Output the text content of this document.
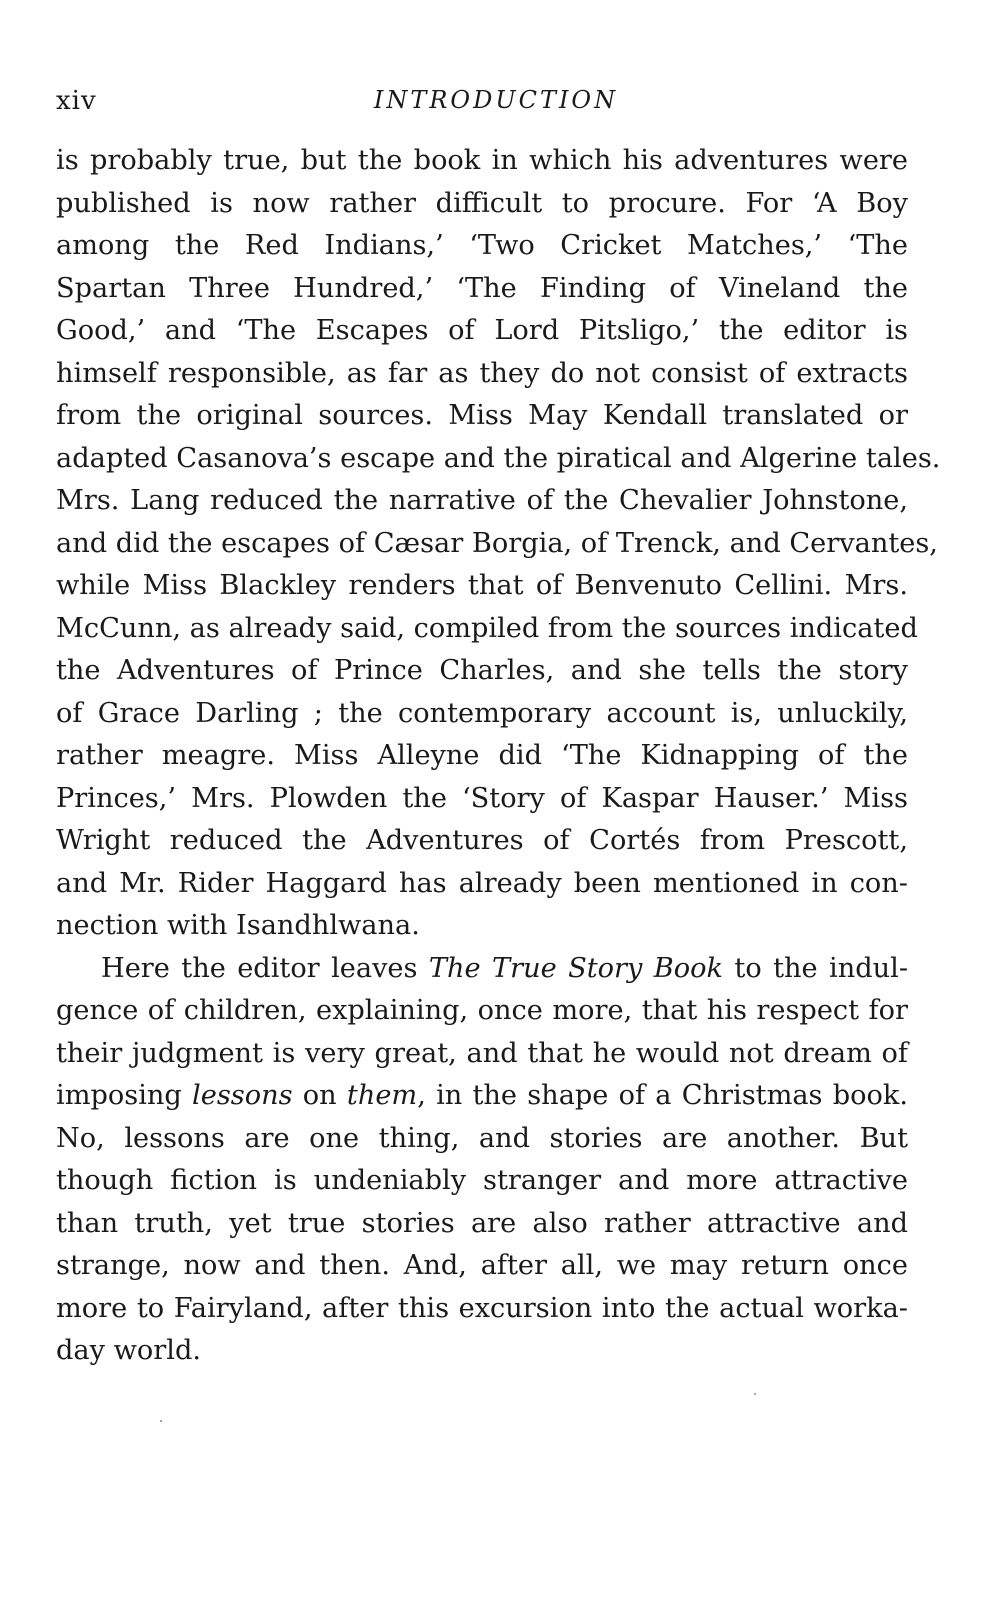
xiv	INTRODUCTION
is probably true, but the book in which his adventures were
published is now rather difficult to procure. For ‘A Boy
among the Red Indians,’ ‘Two Cricket Matches,’ ‘The
Spartan Three Hundred,’ ‘The Finding of Vineland the
Good,’ and ‘The Escapes of Lord Pitsligo,’ the editor is
himself responsible, as far as they do not consist of extracts
from the original sources. Miss May Kendall translated or
adapted Casanova’s escape and the piratical and Algerine tales.
Mrs. Lang reduced the narrative of the Chevalier Johnstone,
and did the escapes of Cæsar Borgia, of Trenck, and Cervantes,
while Miss Blackley renders that of Benvenuto Cellini. Mrs.
McCunn, as already said, compiled from the sources indicated
the Adventures of Prince Charles, and she tells the story
of Grace Darling ; the contemporary account is, unluckily,
rather meagre. Miss Alleyne did ‘The Kidnapping of the
Princes,’ Mrs. Plowden the ‘Story of Kaspar Hauser.’ Miss
Wright reduced the Adventures of Cortés from Prescott,
and Mr. Rider Haggard has already been mentioned in con-
nection with Isandhlwana.
Here the editor leaves The True Story Book to the indul-
gence of children, explaining, once more, that his respect for
their judgment is very great, and that he would not dream of
imposing lessons on them, in the shape of a Christmas book.
No, lessons are one thing, and stories are another. But
though fiction is undeniably stranger and more attractive
than truth, yet true stories are also rather attractive and
strange, now and then. And, after all, we may return once
more to Fairyland, after this excursion into the actual worka-
day world.
